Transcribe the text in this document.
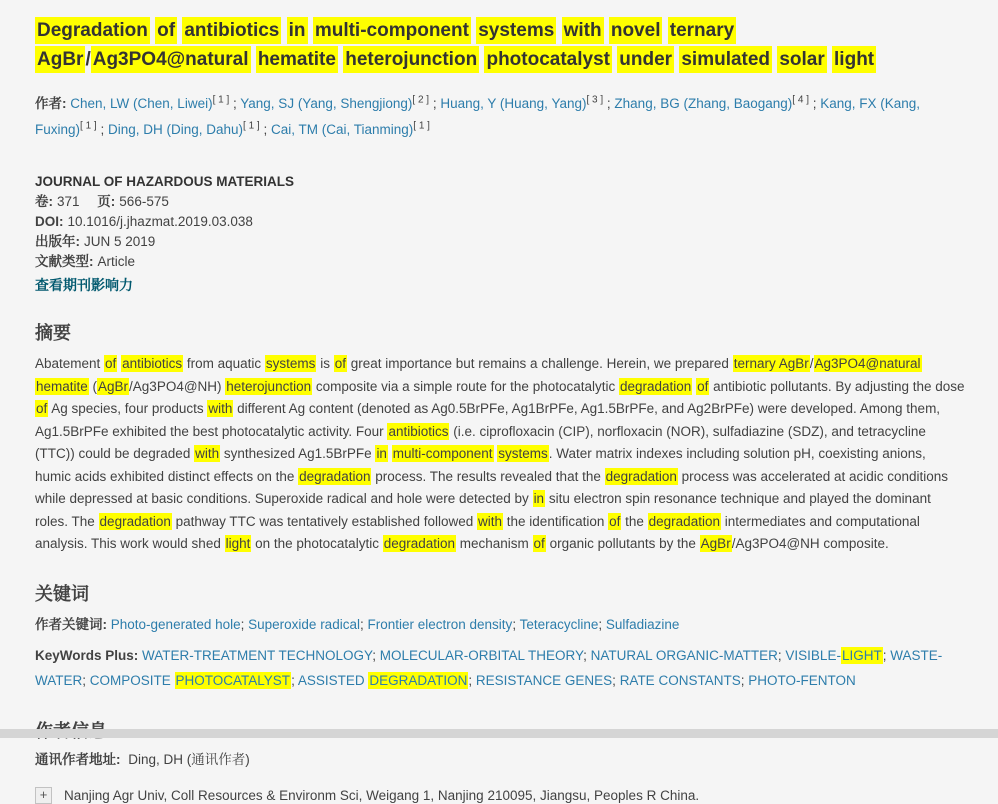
Degradation of antibiotics in multi-component systems with novel ternary AgBr / Ag3PO4@natural hematite heterojunction photocatalyst under simulated solar light

作者: Chen, LW (Chen, Liwei)[ 1 ] ; Yang, SJ (Yang, Shengjiong)[ 2 ] ; Huang, Y (Huang, Yang)[ 3 ] ; Zhang, BG (Zhang, Baogang)[ 4 ] ; Kang, FX (Kang, Fuxing)[ 1 ] ; Ding, DH (Ding, Dahu)[ 1 ] ; Cai, TM (Cai, Tianming)[ 1 ]

JOURNAL OF HAZARDOUS MATERIALS
卷: 371 页: 566-575
DOI: 10.1016/j.jhazmat.2019.03.038
出版年: JUN 5 2019
文献类型: Article
查看期刊影响力
摘要

Abatement of antibiotics from aquatic systems is of great importance but remains a challenge. Herein, we prepared ternary AgBr/Ag3PO4@natural hematite (AgBr/Ag3PO4@NH) heterojunction composite via a simple route for the photocatalytic degradation of antibiotic pollutants. By adjusting the dose of Ag species, four products with different Ag content (denoted as Ag0.5BrPFe, Ag1BrPFe, Ag1.5BrPFe, and Ag2BrPFe) were developed. Among them, Ag1.5BrPFe exhibited the best photocatalytic activity. Four antibiotics (i.e. ciprofloxacin (CIP), norfloxacin (NOR), sulfadiazine (SDZ), and tetracycline (TTC)) could be degraded with synthesized Ag1.5BrPFe in multi-component systems. Water matrix indexes including solution pH, coexisting anions, humic acids exhibited distinct effects on the degradation process. The results revealed that the degradation process was accelerated at acidic conditions while depressed at basic conditions. Superoxide radical and hole were detected by in situ electron spin resonance technique and played the dominant roles. The degradation pathway TTC was tentatively established followed with the identification of the degradation intermediates and computational analysis. This work would shed light on the photocatalytic degradation mechanism of organic pollutants by the AgBr/Ag3PO4@NH composite.

关键词

作者关键词: Photo-generated hole; Superoxide radical; Frontier electron density; Teteracycline; Sulfadiazine

KeyWords Plus: WATER-TREATMENT TECHNOLOGY; MOLECULAR-ORBITAL THEORY; NATURAL ORGANIC-MATTER; VISIBLE-LIGHT; WASTE-WATER; COMPOSITE PHOTOCATALYST; ASSISTED DEGRADATION; RESISTANCE GENES; RATE CONSTANTS; PHOTO-FENTON

通讯作者地址: Ding, DH (通讯作者)

+	Nanjing Agr Univ, Coll Resources & Environm Sci, Weigang 1, Nanjing 210095, Jiangsu, Peoples R China.
